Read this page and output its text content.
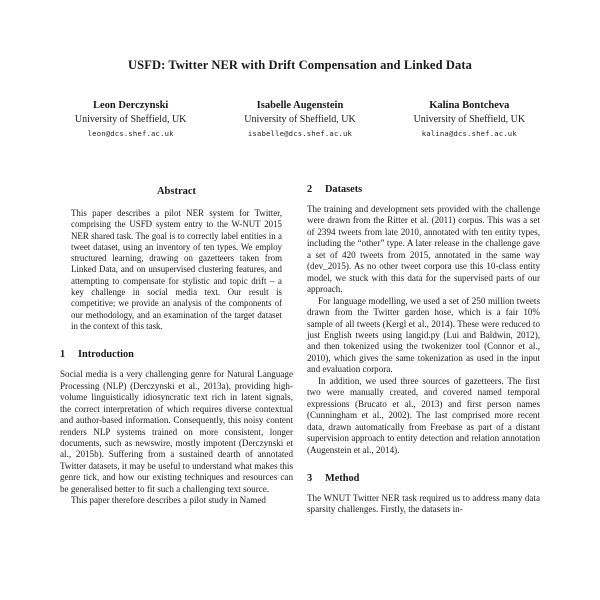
USFD: Twitter NER with Drift Compensation and Linked Data
Leon Derczynski
University of Sheffield, UK
leon@dcs.shef.ac.uk
Isabelle Augenstein
University of Sheffield, UK
isabelle@dcs.shef.ac.uk
Kalina Bontcheva
University of Sheffield, UK
kalina@dcs.shef.ac.uk
Abstract

This paper describes a pilot NER system for Twitter, comprising the USFD system entry to the W-NUT 2015 NER shared task. The goal is to correctly label entities in a tweet dataset, using an inventory of ten types. We employ structured learning, drawing on gazetteers taken from Linked Data, and on unsupervised clustering features, and attempting to compensate for stylistic and topic drift – a key challenge in social media text. Our result is competitive; we provide an analysis of the components of our methodology, and an examination of the target dataset in the context of this task.

1	Introduction

Social media is a very challenging genre for Natural Language Processing (NLP) (Derczynski et al., 2013a), providing high-volume linguistically idiosyncratic text rich in latent signals, the correct interpretation of which requires diverse contextual and author-based information. Consequently, this noisy content renders NLP systems trained on more consistent, longer documents, such as newswire, mostly impotent (Derczynski et al., 2015b). Suffering from a sustained dearth of annotated Twitter datasets, it may be useful to understand what makes this genre tick, and how our existing techniques and resources can be generalised better to fit such a challenging text source.

This paper therefore describes a pilot study in Named

2	Datasets

The training and development sets provided with the challenge were drawn from the Ritter et al. (2011) corpus. This was a set of 2394 tweets from late 2010, annotated with ten entity types, including the “other” type. A later release in the challenge gave a set of 420 tweets from 2015, annotated in the same way (dev_2015). As no other tweet corpora use this 10-class entity model, we stuck with this data for the supervised parts of our approach.

For language modelling, we used a set of 250 million tweets drawn from the Twitter garden hose, which is a fair 10% sample of all tweets (Kergl et al., 2014). These were reduced to just English tweets using langid.py (Lui and Baldwin, 2012), and then tokenized using the twokenizer tool (Connor et al., 2010), which gives the same tokenization as used in the input and evaluation corpora.

In addition, we used three sources of gazetteers. The first two were manually created, and covered named temporal expressions (Brucato et al., 2013) and first person names (Cunningham et al., 2002). The last comprised more recent data, drawn automatically from Freebase as part of a distant supervision approach to entity detection and relation annotation (Augenstein et al., 2014).

3	Method

The WNUT Twitter NER task required us to address many data sparsity challenges. Firstly, the datasets in-
